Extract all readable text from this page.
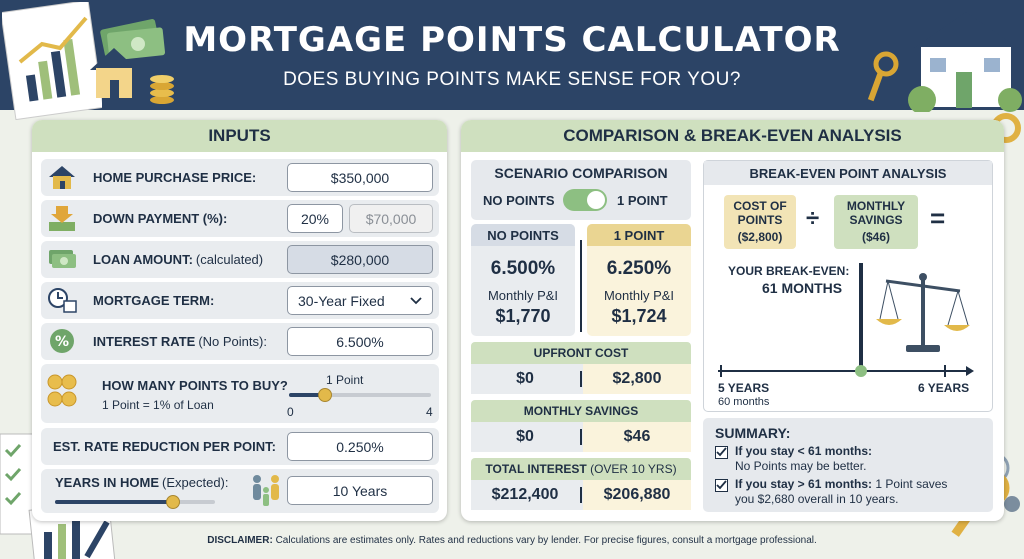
MORTGAGE POINTS CALCULATOR
DOES BUYING POINTS MAKE SENSE FOR YOU?
INPUTS
HOME PURCHASE PRICE:	$350,000
DOWN PAYMENT (%):	20%	$70,000
LOAN AMOUNT: (calculated)	$280,000
MORTGAGE TERM:	30-Year Fixed
% INTEREST RATE (No Points):	6.500%
HOW MANY POINTS TO BUY?
1 Point = 1% of Loan
1 Point
0	4
EST. RATE REDUCTION PER POINT:	0.250%
YEARS IN HOME (Expected):
10 Years
COMPARISON & BREAK-EVEN ANALYSIS
SCENARIO COMPARISON
NO POINTS	1 POINT
NO POINTS
6.500%
Monthly P&I
$1,770
1 POINT
6.250%
Monthly P&I
$1,724
UPFRONT COST
$0	$2,800
MONTHLY SAVINGS
$0	$46
TOTAL INTEREST
(OVER 10 YRS)
$212,400	$206,880
BREAK-EVEN POINT ANALYSIS
COST OF POINTS
($2,800)
÷	MONTHLY SAVINGS
($46)
=
YOUR BREAK-EVEN:
61 MONTHS
5 YEARS
60 months
6 YEARS
SUMMARY:
If you stay < 61 months:
No Points may be better.
If you stay > 61 months: 1 Point saves
you $2,680 overall in 10 years.
DISCLAIMER: Calculations are estimates only. Rates and reductions vary by lender. For precise figures, consult a mortgage professional.
